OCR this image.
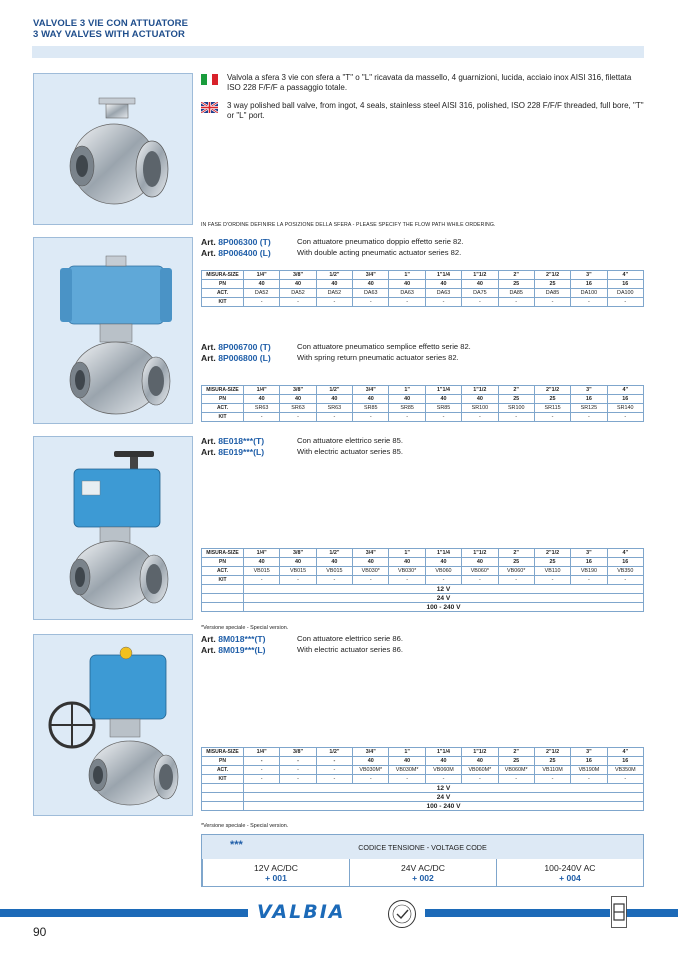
VALVOLE 3 VIE CON ATTUATORE
3 WAY VALVES WITH ACTUATOR

Valvola a sfera 3 vie con sfera a "T" o "L" ricavata da massello, 4 guarnizioni, lucida, acciaio inox AISI 316, filettata ISO 228 F/F/F a passaggio totale.

3 way polished ball valve, from ingot, 4 seals, stainless steel AISI 316, polished, ISO 228 F/F/F threaded, full bore, "T" or "L" port.

IN FASE D'ORDINE DEFINIRE LA POSIZIONE DELLA SFERA - PLEASE SPECIFY THE FLOW PATH WHILE ORDERING.
Art. 8P006300 (T)
Art. 8P006400 (L)
Con attuatore pneumatico doppio effetto serie 82.
With double acting pneumatic actuator series 82.
MISURA-SIZE	1/4"	3/8"	1/2"	3/4"	1"	1"1/4	1"1/2	2"	2"1/2	3"	4"
PN	40	40	40	40	40	40	40	25	25	16	16
ACT.	DA52	DA52	DA52	DA63	DA63	DA63	DA75	DA85	DA85	DA100	DA100
KIT	-	-	-	-	-	-	-	-	-	-	-
Art. 8P006700 (T)
Art. 8P006800 (L)
Con attuatore pneumatico semplice effetto serie 82.
With spring return pneumatic actuator series 82.
MISURA-SIZE	1/4"	3/8"	1/2"	3/4"	1"	1"1/4	1"1/2	2"	2"1/2	3"	4"
PN	40	40	40	40	40	40	40	25	25	16	16
ACT.	SR63	SR63	SR63	SR85	SR85	SR85	SR100	SR100	SR115	SR125	SR140
KIT	-	-	-	-	-	-	-	-	-	-	-
Art. 8E018***(T)
Art. 8E019***(L)
Con attuatore elettrico serie 85.
With electric actuator series 85.
MISURA-SIZE	1/4"	3/8"	1/2"	3/4"	1"	1"1/4	1"1/2	2"	2"1/2	3"	4"
PN	40	40	40	40	40	40	40	25	25	16	16
ACT.	VB015	VB015	VB015	VB030*	VB030*	VB060	VB060*	VB060*	VB110	VB190	VB350
KIT	-	-	-	-	-	-	-	-	-	-	-
	12 V										
	24 V										
	100 - 240 V										
*Versione speciale - Special version.
Art. 8M018***(T)
Art. 8M019***(L)
Con attuatore elettrico serie 86.
With electric actuator series 86.
MISURA-SIZE	1/4"	3/8"	1/2"	3/4"	1"	1"1/4	1"1/2	2"	2"1/2	3"	4"
PN	-	-	-	40	40	40	40	25	25	16	16
ACT.	-	-	-	VB030M*	VB030M*	VB060M	VB060M*	VB060M*	VB110M	VB190M	VB350M
KIT	-	-	-	-	-	-	-	-	-	-	-
	12 V										
	24 V										
	100 - 240 V										
*Versione speciale - Special version.
***	CODICE TENSIONE - VOLTAGE CODE
12V AC/DC
+ 001
24V AC/DC
+ 002
100-240V AC
+ 004
VALBIA
90
